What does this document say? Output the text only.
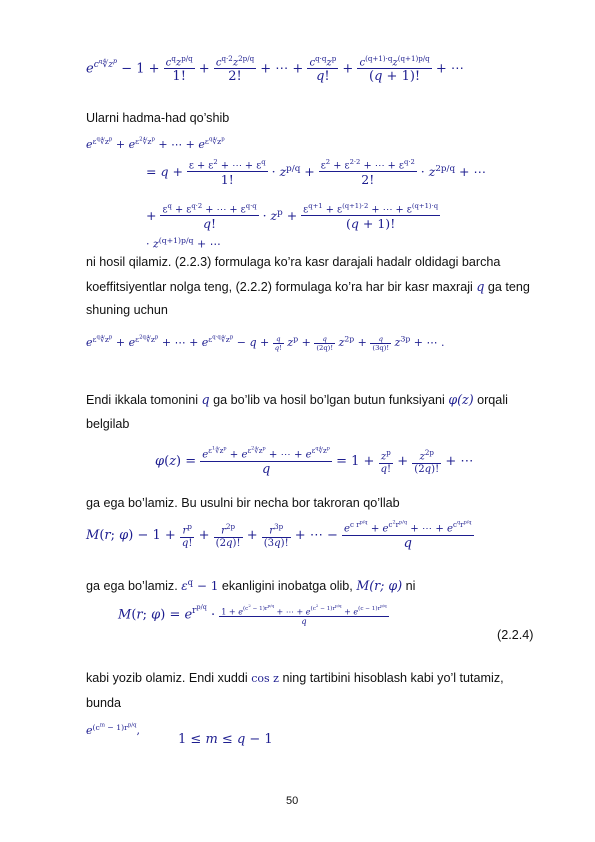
$e^{c^q∜z^p} - 1 + \frac{c^qz^{p/q}}{1!} + \frac{c^{q\cdot 2}z^{2p/q}}{2!}$ + ⋯ + $\frac{c^{q\cdot q}z^p}{q!} + \frac{c^{(q+1)\cdot q}z^{(q+1)p/q}}{(q + 1)!}$ + ⋯
Ularni hadma-had qo’shib
$e^{\varepsilon^q∜z^p} + e^{\varepsilon^2∜z^p}$ + ⋯ + $e^{\varepsilon^q∜z^p}$
= $q + \frac{\varepsilon + \varepsilon^2 + \cdots + \varepsilon^q}{1!} \cdot z^{p/q} + \frac{\varepsilon^2 + \varepsilon^{2\cdot 2} + \cdots + \varepsilon^{q\cdot 2}}{2!} \cdot z^{2p/q}$ + ⋯
+ $\frac{\varepsilon^q + \varepsilon^{q\cdot 2} + \cdots + \varepsilon^{q\cdot q}}{q!} \cdot z^p + \frac{\varepsilon^{q+1} + \varepsilon^{(q+1)\cdot 2} + \cdots + \varepsilon^{(q+1)\cdot q}}{(q + 1)!}$
· $z^{(q+1)p/q}$ + ⋯
ni hosil qilamiz. (2.2.3) formulaga ko’ra kasr darajali hadalr oldidagi barcha
koeffitsiyentlar nolga teng, (2.2.2) formulaga ko’ra har bir kasr maxraji q ga teng
shuning uchun
$e^{\varepsilon^q∜z^p} + e^{\varepsilon^{2q}∜z^p}$ + ⋯ + $e^{\varepsilon^{q\cdot q}∜z^p} - q + \frac{q}{q!} z^p + \frac{q}{(2q)!} z^{2p} + \frac{q}{(3q)!} z^{3p}$ + ⋯ .
Endi ikkala tomonini q ga bo’lib va hosil bo’lgan butun funksiyani φ(z) orqali
belgilab
$\varphi(z) = \frac{e^{\varepsilon^1∜z^p} + e^{\varepsilon^2∜z^p} + \cdots + e^{\varepsilon^q∜z^p}}{q} = 1 + \frac{z^p}{q!} + \frac{z^{2p}}{(2q)!}$ + ⋯
ga ega bo’lamiz. Bu usulni bir necha bor takroran qo’llab
M(r; $\varphi) - 1 + \frac{r^p}{q!} + \frac{r^{2p}}{(2q)!} + \frac{r^{3p}}{(3q)!}$ + ⋯ − $\frac{e^{c r^{p/q}} + e^{c^2r^{p/q}} + \cdots + e^{c^qr^{p/q}}}{q}$
ga ega bo’lamiz. $\varepsilon^q - 1$ ekanligini inobatga olib, M(r; φ) ni
M(r; $\varphi) = e^{r^{p/q}} \cdot \frac{1 + e^{(c^2 - 1)r^{p/q}} + \cdots + e^{(c^2 - 1)r^{p/q}} + e^{(c - 1)r^{p/q}}}{q}$
(2.2.4)
kabi yozib olamiz. Endi xuddi cos z ning tartibini hisoblash kabi yo’l tutamiz,
bunda
$e^{(c^m - 1)r^{p/q}}$,
1 ≤ m ≤ q − 1
50
